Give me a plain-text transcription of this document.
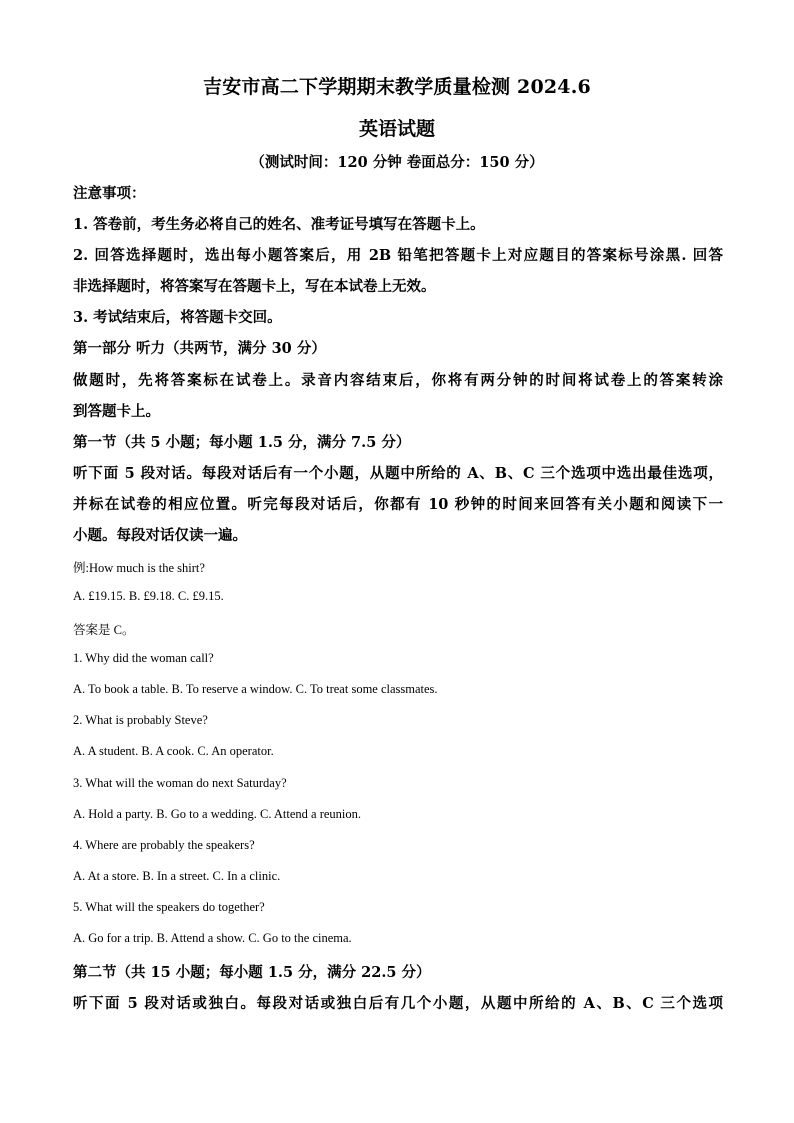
吉安市高二下学期期末教学质量检测 2024.6
英语试题
（测试时间：120 分钟 卷面总分：150 分）
注意事项：
1. 答卷前，考生务必将自己的姓名、准考证号填写在答题卡上。
2. 回答选择题时，选出每小题答案后，用 2B 铅笔把答题卡上对应题目的答案标号涂黑. 回答
非选择题时，将答案写在答题卡上，写在本试卷上无效。
3. 考试结束后，将答题卡交回。
第一部分 听力（共两节，满分 30 分）
做题时，先将答案标在试卷上。录音内容结束后，你将有两分钟的时间将试卷上的答案转涂
到答题卡上。
第一节（共 5 小题；每小题 1.5 分，满分 7.5 分）
听下面 5 段对话。每段对话后有一个小题，从题中所给的 A、B、C 三个选项中选出最佳选项，
并标在试卷的相应位置。听完每段对话后，你都有 10 秒钟的时间来回答有关小题和阅读下一
小题。每段对话仅读一遍。
例:How much is the shirt?
A. £19.15. B. £9.18. C. £9.15.
答案是 C。
1. Why did the woman call?
A. To book a table. B. To reserve a window. C. To treat some classmates.
2. What is probably Steve?
A. A student. B. A cook. C. An operator.
3. What will the woman do next Saturday?
A. Hold a party. B. Go to a wedding. C. Attend a reunion.
4. Where are probably the speakers?
A. At a store. B. In a street. C. In a clinic.
5. What will the speakers do together?
A. Go for a trip. B. Attend a show. C. Go to the cinema.
第二节（共 15 小题；每小题 1.5 分，满分 22.5 分）
听下面 5 段对话或独白。每段对话或独白后有几个小题，从题中所给的 A、B、C 三个选项
